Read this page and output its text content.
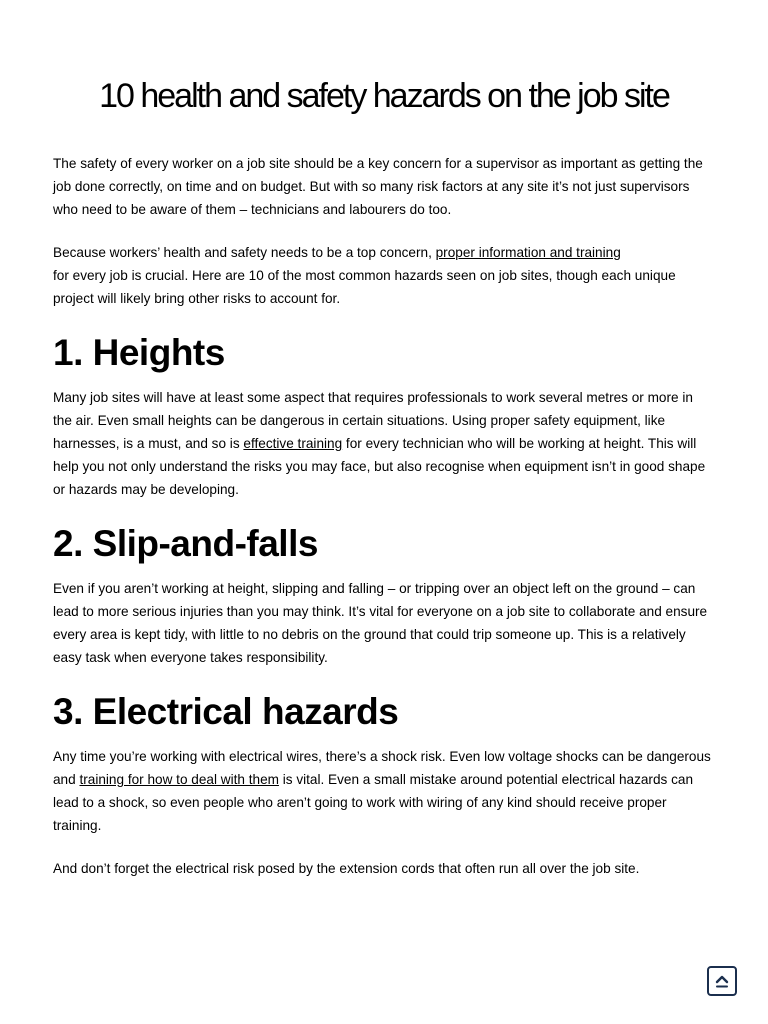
10 health and safety hazards on the job site

The safety of every worker on a job site should be a key concern for a supervisor as important as getting the job done correctly, on time and on budget. But with so many risk factors at any site it’s not just supervisors who need to be aware of them – technicians and labourers do too.

Because workers’ health and safety needs to be a top concern, proper information and training
for every job is crucial. Here are 10 of the most common hazards seen on job sites, though each unique project will likely bring other risks to account for.

1. Heights

Many job sites will have at least some aspect that requires professionals to work several metres or more in the air. Even small heights can be dangerous in certain situations. Using proper safety equipment, like harnesses, is a must, and so is effective training for every technician who will be working at height. This will help you not only understand the risks you may face, but also recognise when equipment isn’t in good shape or hazards may be developing.

2. Slip-and-falls

Even if you aren’t working at height, slipping and falling – or tripping over an object left on the ground – can lead to more serious injuries than you may think. It’s vital for everyone on a job site to collaborate and ensure every area is kept tidy, with little to no debris on the ground that could trip someone up. This is a relatively easy task when everyone takes responsibility.

3. Electrical hazards

Any time you’re working with electrical wires, there’s a shock risk. Even low voltage shocks can be dangerous and training for how to deal with them is vital. Even a small mistake around potential electrical hazards can lead to a shock, so even people who aren’t going to work with wiring of any kind should receive proper training.

And don’t forget the electrical risk posed by the extension cords that often run all over the job site.
